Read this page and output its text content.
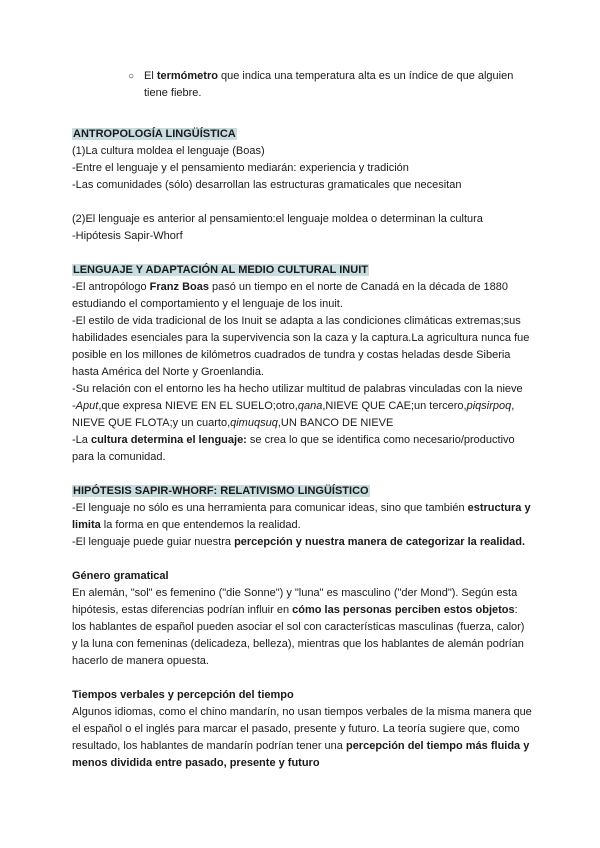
○ El termómetro que indica una temperatura alta es un índice de que alguien tiene fiebre.

ANTROPOLOGÍA LINGÜÍSTICA

(1)La cultura moldea el lenguaje (Boas)

-Entre el lenguaje y el pensamiento mediarán: experiencia y tradición

-Las comunidades (sólo) desarrollan las estructuras gramaticales que necesitan

(2)El lenguaje es anterior al pensamiento:el lenguaje moldea o determinan la cultura

-Hipótesis Sapir-Whorf

LENGUAJE Y ADAPTACIÓN AL MEDIO CULTURAL INUIT

-El antropólogo Franz Boas pasó un tiempo en el norte de Canadá en la década de 1880 estudiando el comportamiento y el lenguaje de los inuit.

-El estilo de vida tradicional de los Inuit se adapta a las condiciones climáticas extremas;sus habilidades esenciales para la supervivencia son la caza y la captura.La agricultura nunca fue posible en los millones de kilómetros cuadrados de tundra y costas heladas desde Siberia hasta América del Norte y Groenlandia.

-Su relación con el entorno les ha hecho utilizar multitud de palabras vinculadas con la nieve

-Aput,que expresa NIEVE EN EL SUELO;otro,qana,NIEVE QUE CAE;un tercero,piqsirpoq, NIEVE QUE FLOTA;y un cuarto,qimuqsuq,UN BANCO DE NIEVE

-La cultura determina el lenguaje: se crea lo que se identifica como necesario/productivo para la comunidad.

HIPÓTESIS SAPIR-WHORF: RELATIVISMO LINGÜÍSTICO

-El lenguaje no sólo es una herramienta para comunicar ideas, sino que también estructura y limita la forma en que entendemos la realidad.

-El lenguaje puede guiar nuestra percepción y nuestra manera de categorizar la realidad.

Género gramatical

En alemán, "sol" es femenino ("die Sonne") y "luna" es masculino ("der Mond"). Según esta hipótesis, estas diferencias podrían influir en cómo las personas perciben estos objetos: los hablantes de español pueden asociar el sol con características masculinas (fuerza, calor) y la luna con femeninas (delicadeza, belleza), mientras que los hablantes de alemán podrían hacerlo de manera opuesta.

Tiempos verbales y percepción del tiempo

Algunos idiomas, como el chino mandarín, no usan tiempos verbales de la misma manera que el español o el inglés para marcar el pasado, presente y futuro. La teoría sugiere que, como resultado, los hablantes de mandarín podrían tener una percepción del tiempo más fluida y menos dividida entre pasado, presente y futuro
